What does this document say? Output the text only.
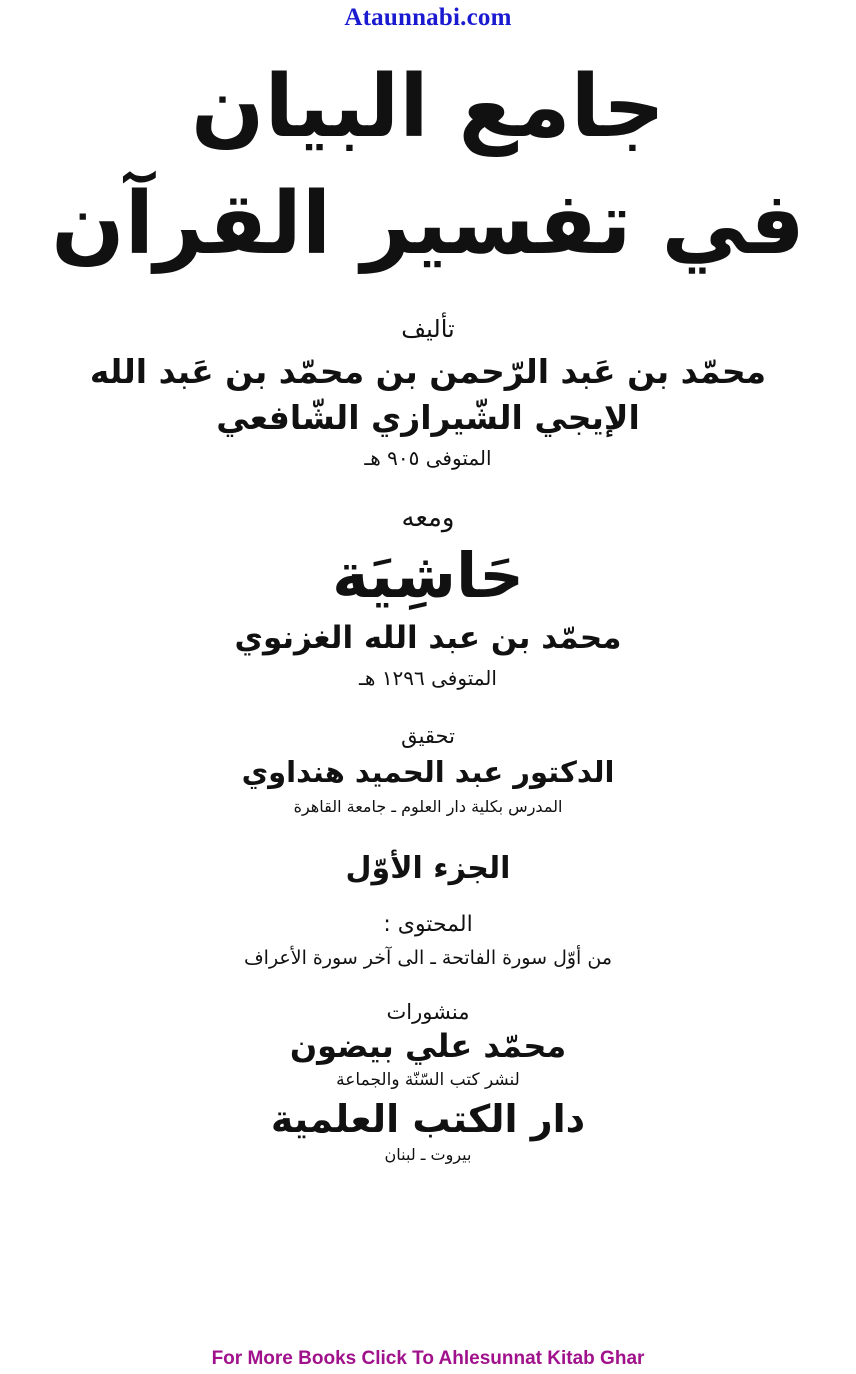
Ataunnabi.com
جامع البيان
في تفسير القرآن
تأليف
محمّد بن عَبد الرّحمن بن محمّد بن عَبد الله
الإيجي الشّيرازي الشّافعي
المتوفى ٩٠٥ هـ
ومعه
حَاشِيَة
محمّد بن عبد الله الغزنوي
المتوفى ١٢٩٦ هـ
تحقيق
الدكتور عبد الحميد هنداوي
المدرس بكلية دار العلوم ـ جامعة القاهرة
الجزء الأوّل
المحتوى :
من أوّل سورة الفاتحة ـ الى آخر سورة الأعراف
منشورات
محمّد علي بيضون
لنشر كتب السّنّة والجماعة
دار الكتب العلمية
بيروت ـ لبنان
For More Books Click To Ahlesunnat Kitab Ghar
